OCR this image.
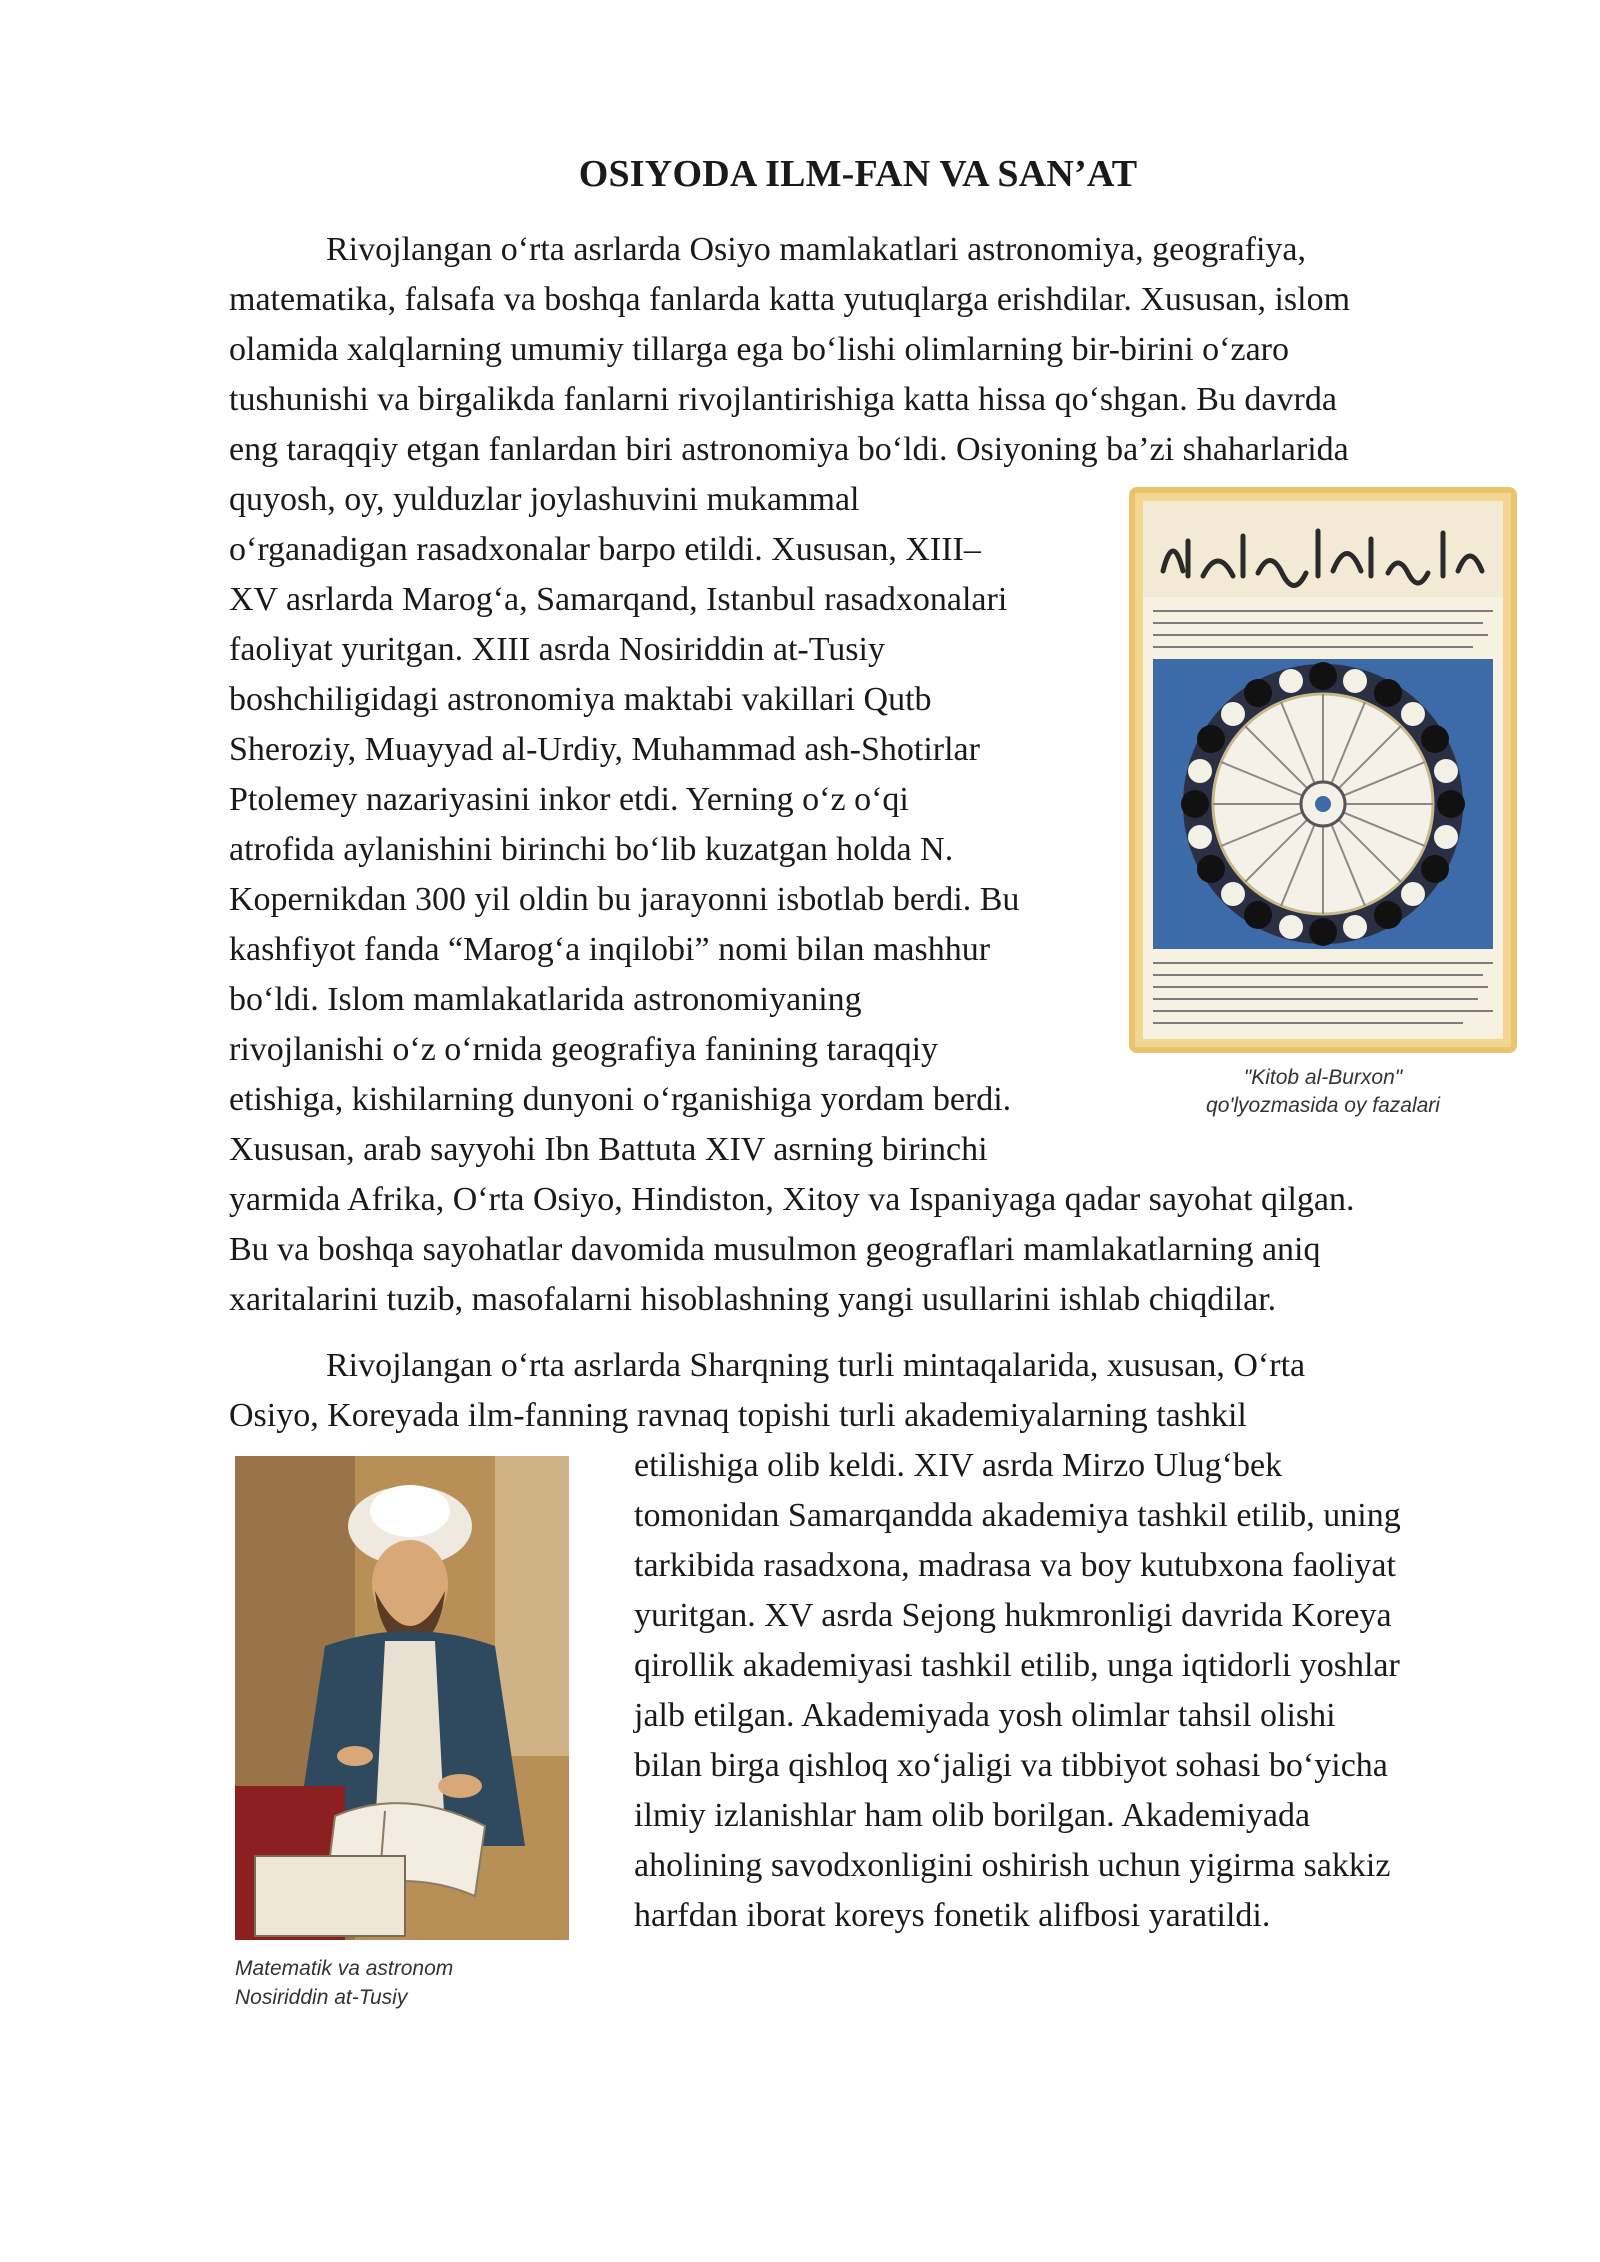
OSIYODA ILM-FAN VA SAN’AT
Rivojlangan o‘rta asrlarda Osiyo mamlakatlari astronomiya, geografiya,
matematika, falsafa va boshqa fanlarda katta yutuqlarga erishdilar. Xususan, islom
olamida xalqlarning umumiy tillarga ega bo‘lishi olimlarning bir-birini o‘zaro
tushunishi va birgalikda fanlarni rivojlantirishiga katta hissa qo‘shgan. Bu davrda
eng taraqqiy etgan fanlardan biri astronomiya bo‘ldi. Osiyoning ba’zi shaharlarida
quyosh, oy, yulduzlar joylashuvini mukammal
o‘rganadigan rasadxonalar barpo etildi. Xususan, XIII–
XV asrlarda Marog‘a, Samarqand, Istanbul rasadxonalari
faoliyat yuritgan. XIII asrda Nosiriddin at-Tusiy
boshchiligidagi astronomiya maktabi vakillari Qutb
Sheroziy, Muayyad al-Urdiy, Muhammad ash-Shotirlar
Ptolemey nazariyasini inkor etdi. Yerning o‘z o‘qi
atrofida aylanishini birinchi bo‘lib kuzatgan holda N.
Kopernikdan 300 yil oldin bu jarayonni isbotlab berdi. Bu
kashfiyot fanda “Marog‘a inqilobi” nomi bilan mashhur
bo‘ldi. Islom mamlakatlarida astronomiyaning
rivojlanishi o‘z o‘rnida geografiya fanining taraqqiy
etishiga, kishilarning dunyoni o‘rganishiga yordam berdi.
Xususan, arab sayyohi Ibn Battuta XIV asrning birinchi
yarmida Afrika, O‘rta Osiyo, Hindiston, Xitoy va Ispaniyaga qadar sayohat qilgan.
Bu va boshqa sayohatlar davomida musulmon geograflari mamlakatlarning aniq
xaritalarini tuzib, masofalarni hisoblashning yangi usullarini ishlab chiqdilar.
Rivojlangan o‘rta asrlarda Sharqning turli mintaqalarida, xususan, O‘rta
Osiyo, Koreyada ilm-fanning ravnaq topishi turli akademiyalarning tashkil
etilishiga olib keldi. XIV asrda Mirzo Ulug‘bek
tomonidan Samarqandda akademiya tashkil etilib, uning
tarkibida rasadxona, madrasa va boy kutubxona faoliyat
yuritgan. XV asrda Sejong hukmronligi davrida Koreya
qirollik akademiyasi tashkil etilib, unga iqtidorli yoshlar
jalb etilgan. Akademiyada yosh olimlar tahsil olishi
bilan birga qishloq xo‘jaligi va tibbiyot sohasi bo‘yicha
ilmiy izlanishlar ham olib borilgan. Akademiyada
aholining savodxonligini oshirish uchun yigirma sakkiz
harfdan iborat koreys fonetik alifbosi yaratildi.
"Kitob al-Burxon"
qo'lyozmasida oy fazalari
Matematik va astronom
Nosiriddin at-Tusiy
